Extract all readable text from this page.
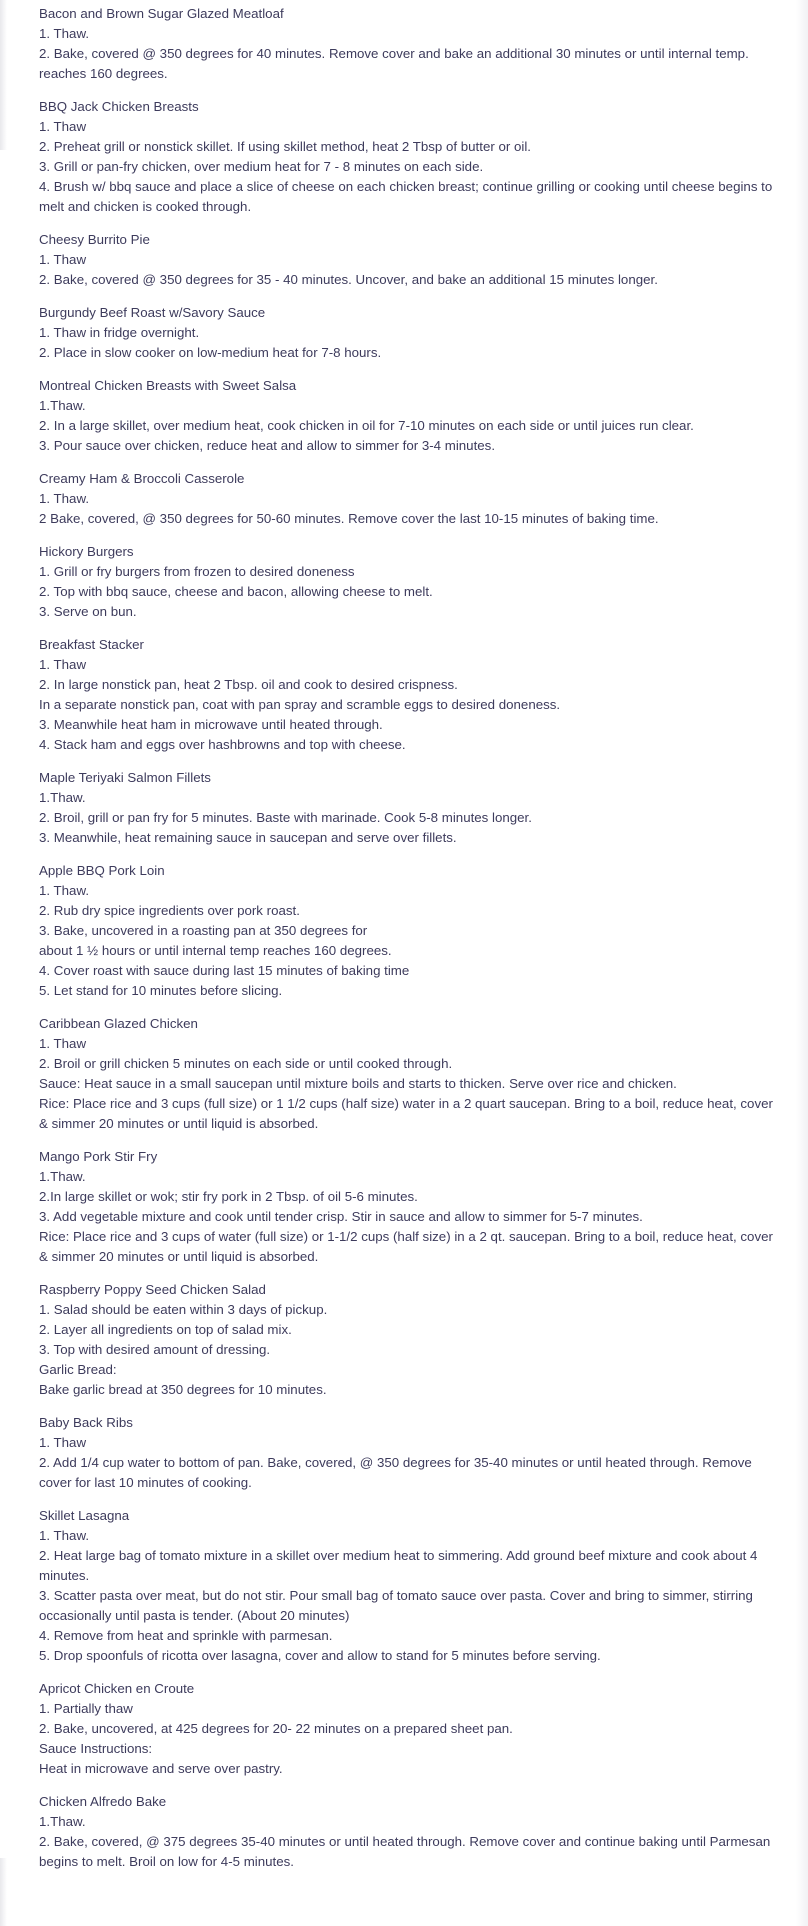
Bacon and Brown Sugar Glazed Meatloaf

1. Thaw.

2. Bake, covered @ 350 degrees for 40 minutes. Remove cover and bake an additional 30 minutes or until internal temp. reaches 160 degrees.

BBQ Jack Chicken Breasts

1. Thaw

2. Preheat grill or nonstick skillet. If using skillet method, heat 2 Tbsp of butter or oil.

3. Grill or pan-fry chicken, over medium heat for 7 - 8 minutes on each side.

4. Brush w/ bbq sauce and place a slice of cheese on each chicken breast; continue grilling or cooking until cheese begins to melt and chicken is cooked through.

Cheesy Burrito Pie

1. Thaw

2. Bake, covered @ 350 degrees for 35 - 40 minutes. Uncover, and bake an additional 15 minutes longer.

Burgundy Beef Roast w/Savory Sauce

1. Thaw in fridge overnight.

2. Place in slow cooker on low-medium heat for 7-8 hours.

Montreal Chicken Breasts with Sweet Salsa

1.Thaw.

2. In a large skillet, over medium heat, cook chicken in oil for 7-10 minutes on each side or until juices run clear.

3. Pour sauce over chicken, reduce heat and allow to simmer for 3-4 minutes.

Creamy Ham & Broccoli Casserole

1. Thaw.

2 Bake, covered, @ 350 degrees for 50-60 minutes. Remove cover the last 10-15 minutes of baking time.

Hickory Burgers

1. Grill or fry burgers from frozen to desired doneness

2. Top with bbq sauce, cheese and bacon, allowing cheese to melt.

3. Serve on bun.

Breakfast Stacker

1. Thaw

2. In large nonstick pan, heat 2 Tbsp. oil and cook to desired crispness.

In a separate nonstick pan, coat with pan spray and scramble eggs to desired doneness.

3. Meanwhile heat ham in microwave until heated through.

4. Stack ham and eggs over hashbrowns and top with cheese.

Maple Teriyaki Salmon Fillets

1.Thaw.

2. Broil, grill or pan fry for 5 minutes. Baste with marinade. Cook 5-8 minutes longer.

3. Meanwhile, heat remaining sauce in saucepan and serve over fillets.

Apple BBQ Pork Loin

1. Thaw.

2. Rub dry spice ingredients over pork roast.

3. Bake, uncovered in a roasting pan at 350 degrees for

about 1 ½ hours or until internal temp reaches 160 degrees.

4. Cover roast with sauce during last 15 minutes of baking time

5. Let stand for 10 minutes before slicing.

Caribbean Glazed Chicken

1. Thaw

2. Broil or grill chicken 5 minutes on each side or until cooked through.

Sauce: Heat sauce in a small saucepan until mixture boils and starts to thicken. Serve over rice and chicken.

Rice: Place rice and 3 cups (full size) or 1 1/2 cups (half size) water in a 2 quart saucepan. Bring to a boil, reduce heat, cover & simmer 20 minutes or until liquid is absorbed.

Mango Pork Stir Fry

1.Thaw.

2.In large skillet or wok; stir fry pork in 2 Tbsp. of oil 5-6 minutes.

3. Add vegetable mixture and cook until tender crisp. Stir in sauce and allow to simmer for 5-7 minutes.

Rice: Place rice and 3 cups of water (full size) or 1-1/2 cups (half size) in a 2 qt. saucepan. Bring to a boil, reduce heat, cover & simmer 20 minutes or until liquid is absorbed.

Raspberry Poppy Seed Chicken Salad

1. Salad should be eaten within 3 days of pickup.

2. Layer all ingredients on top of salad mix.

3. Top with desired amount of dressing.

Garlic Bread:

Bake garlic bread at 350 degrees for 10 minutes.

Baby Back Ribs

1. Thaw

2. Add 1/4 cup water to bottom of pan. Bake, covered, @ 350 degrees for 35-40 minutes or until heated through. Remove cover for last 10 minutes of cooking.

Skillet Lasagna

1. Thaw.

2. Heat large bag of tomato mixture in a skillet over medium heat to simmering. Add ground beef mixture and cook about 4 minutes.

3. Scatter pasta over meat, but do not stir. Pour small bag of tomato sauce over pasta. Cover and bring to simmer, stirring occasionally until pasta is tender. (About 20 minutes)

4. Remove from heat and sprinkle with parmesan.

5. Drop spoonfuls of ricotta over lasagna, cover and allow to stand for 5 minutes before serving.

Apricot Chicken en Croute

1. Partially thaw

2. Bake, uncovered, at 425 degrees for 20- 22 minutes on a prepared sheet pan.

Sauce Instructions:

Heat in microwave and serve over pastry.

Chicken Alfredo Bake

1.Thaw.

2. Bake, covered, @ 375 degrees 35-40 minutes or until heated through. Remove cover and continue baking until Parmesan begins to melt. Broil on low for 4-5 minutes.
